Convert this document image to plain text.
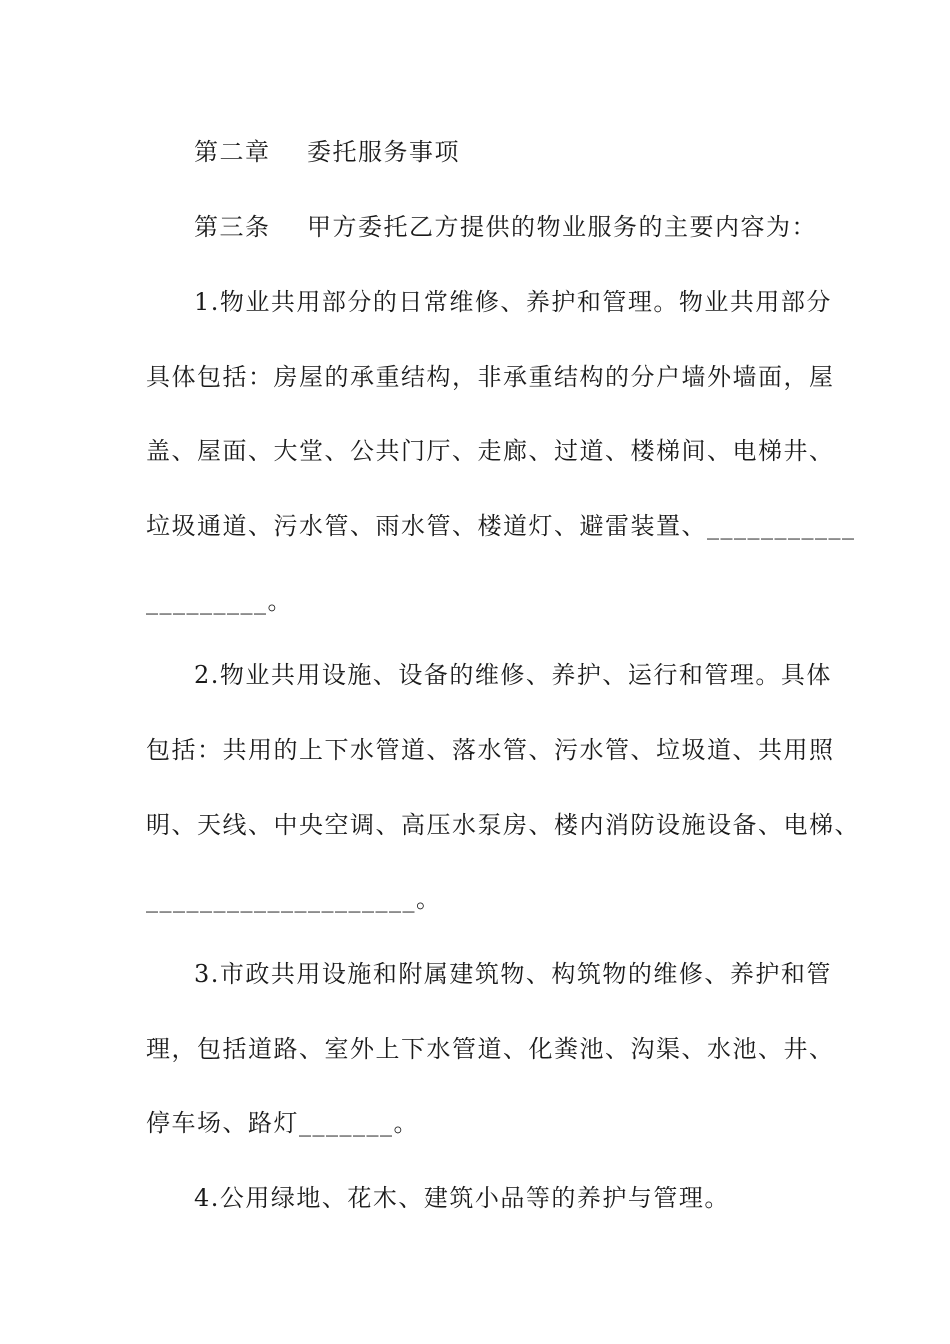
第二章    委托服务事项
第三条    甲方委托乙方提供的物业服务的主要内容为：
1.物业共用部分的日常维修、养护和管理。物业共用部分
具体包括：房屋的承重结构，非承重结构的分户墙外墙面，屋
盖、屋面、大堂、公共门厅、走廊、过道、楼梯间、电梯井、
垃圾通道、污水管、雨水管、楼道灯、避雷装置、___________
_________。
2.物业共用设施、设备的维修、养护、运行和管理。具体
包括：共用的上下水管道、落水管、污水管、垃圾道、共用照
明、天线、中央空调、高压水泵房、楼内消防设施设备、电梯、
____________________。
3.市政共用设施和附属建筑物、构筑物的维修、养护和管
理，包括道路、室外上下水管道、化粪池、沟渠、水池、井、
停车场、路灯_______。
4.公用绿地、花木、建筑小品等的养护与管理。
